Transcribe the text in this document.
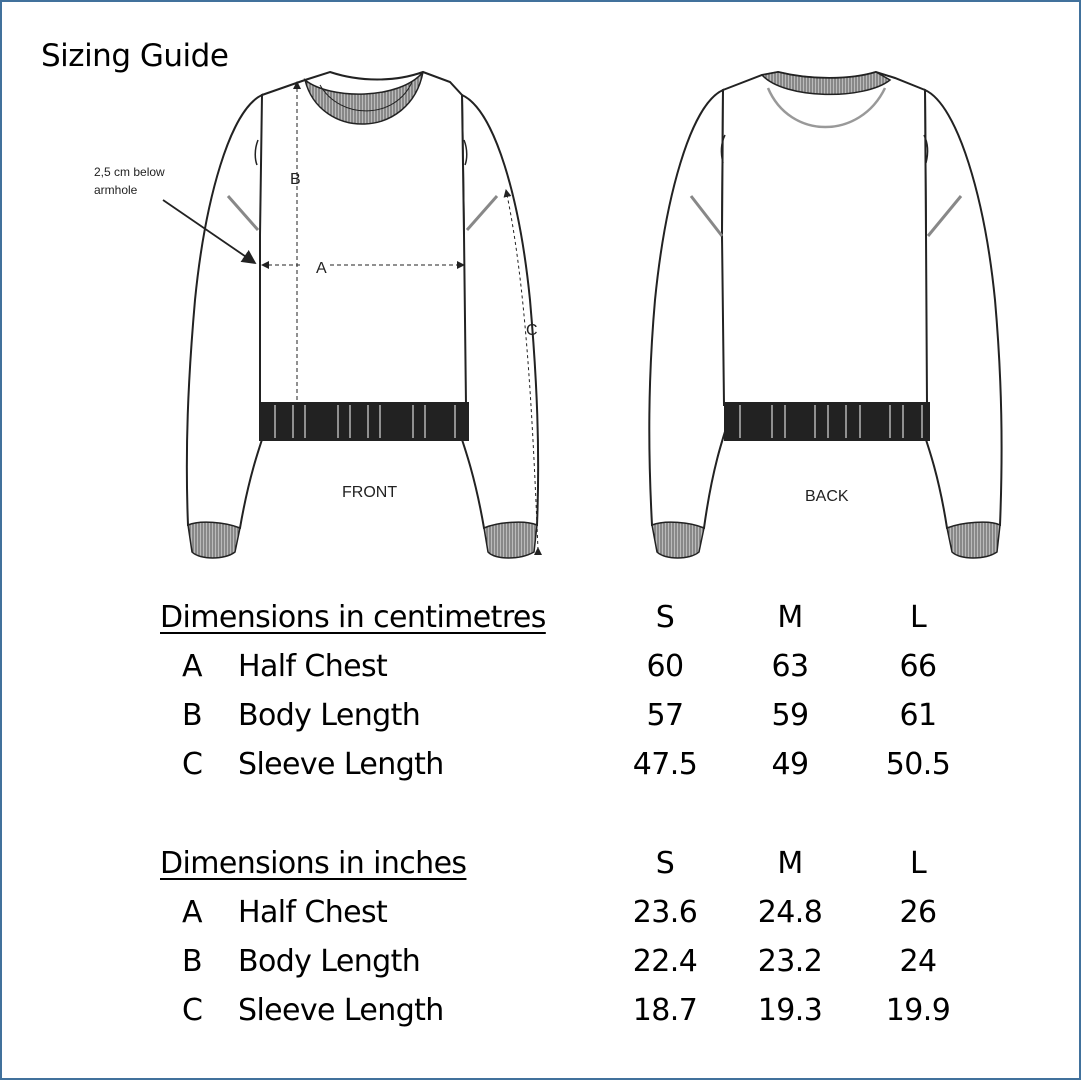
Sizing Guide
B
A
C
2,5 cm below
armhole
FRONT	BACK
Dimensions in centimetres	S	M	L
A Half Chest	60	63	66
B Body Length	57	59	61
C Sleeve Length	47.5	49	50.5
Dimensions in inches	S	M	L
A Half Chest	23.6	24.8	26
B Body Length	22.4	23.2	24
C Sleeve Length	18.7	19.3	19.9
